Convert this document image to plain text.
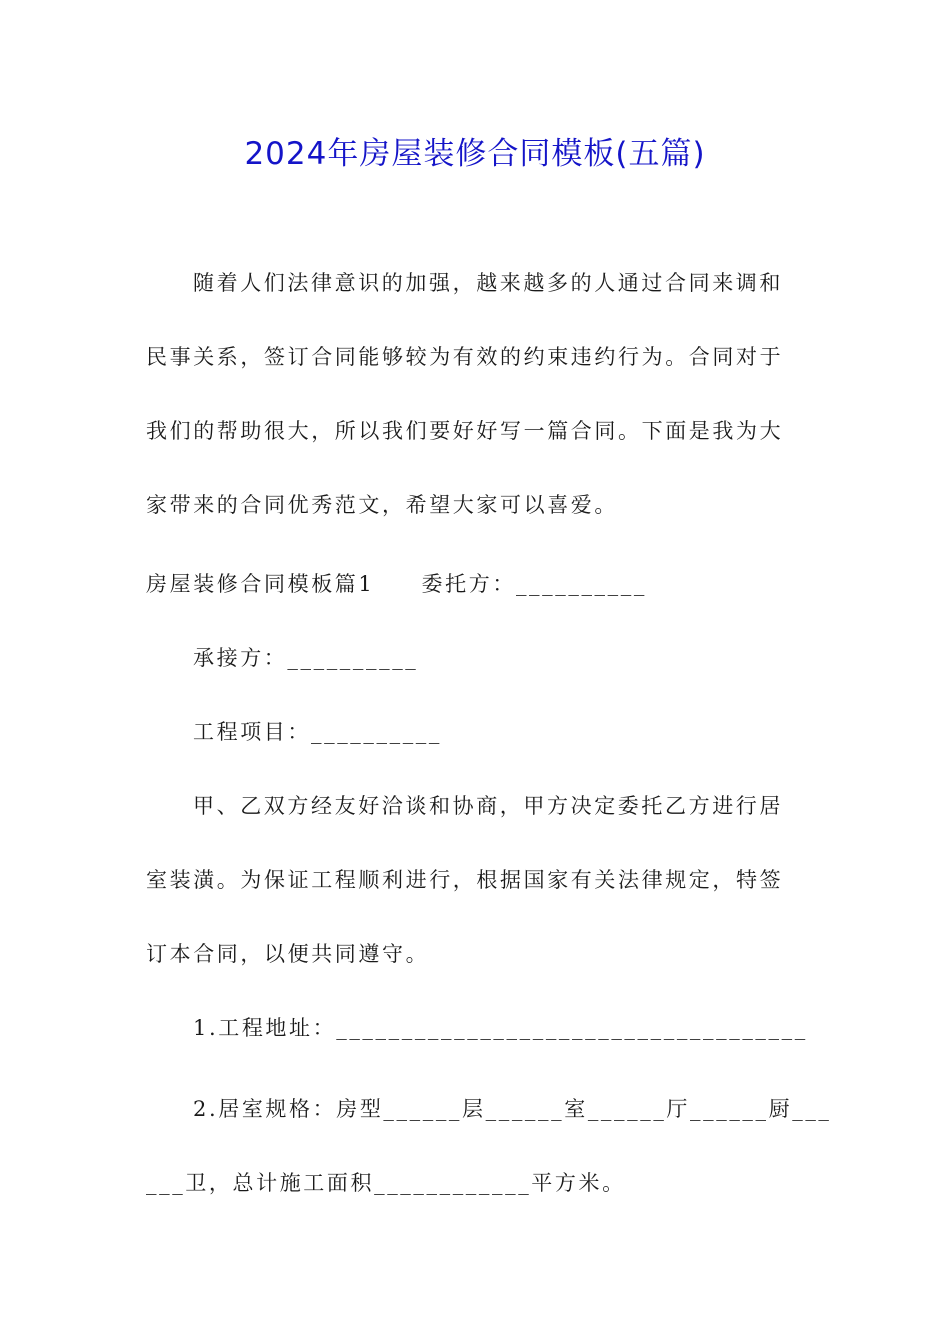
2024年房屋装修合同模板(五篇)
随着人们法律意识的加强，越来越多的人通过合同来调和
民事关系，签订合同能够较为有效的约束违约行为。合同对于
我们的帮助很大，所以我们要好好写一篇合同。下面是我为大
家带来的合同优秀范文，希望大家可以喜爱。
房屋装修合同模板篇1　　委托方：__________
承接方：__________
工程项目：__________
甲、乙双方经友好洽谈和协商，甲方决定委托乙方进行居
室装潢。为保证工程顺利进行，根据国家有关法律规定，特签
订本合同，以便共同遵守。
1.工程地址：____________________________________
2.居室规格：房型______层______室______厅______厨___
___卫，总计施工面积____________平方米。
